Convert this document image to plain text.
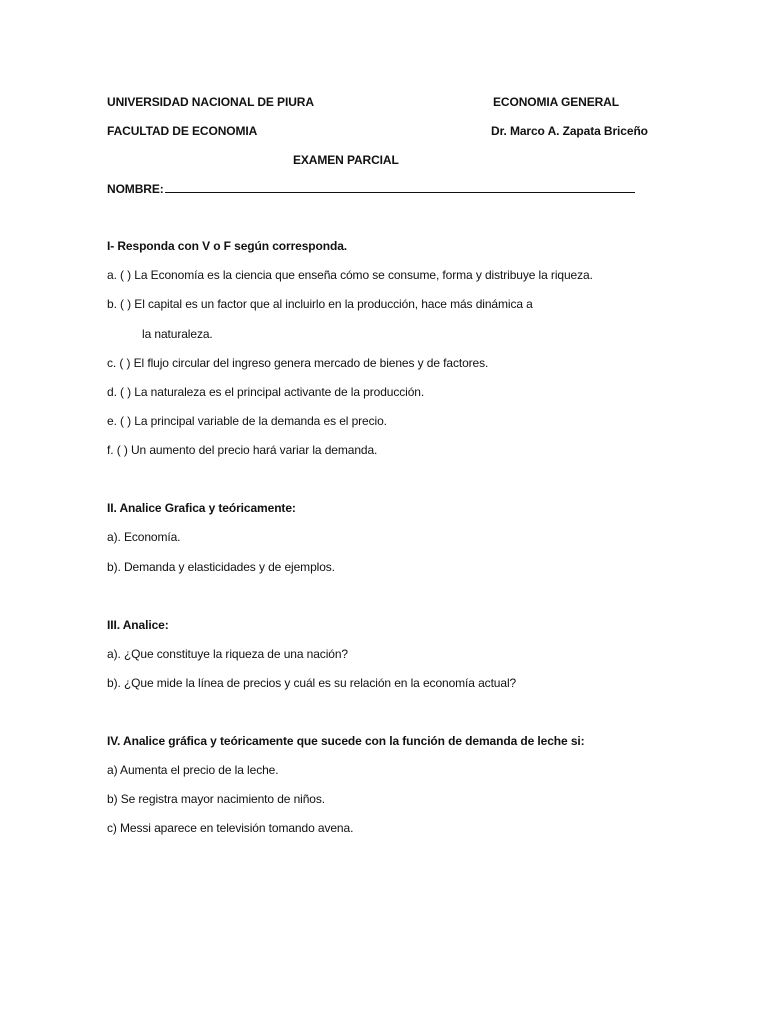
UNIVERSIDAD NACIONAL DE PIURA	ECONOMIA GENERAL
FACULTAD DE ECONOMIA	Dr. Marco A. Zapata Briceño
EXAMEN PARCIAL
NOMBRE:
I- Responda con V o F según corresponda.
a. ( ) La Economía es la ciencia que enseña cómo se consume, forma y distribuye la riqueza.
b. ( ) El capital es un factor que al incluirlo en la producción, hace más dinámica a
la naturaleza.
c. ( ) El flujo circular del ingreso genera mercado de bienes y de factores.
d. ( ) La naturaleza es el principal activante de la producción.
e. ( ) La principal variable de la demanda es el precio.
f. ( ) Un aumento del precio hará variar la demanda.
II. Analice Grafica y teóricamente:
a). Economía.
b). Demanda y elasticidades y de ejemplos.
III. Analice:
a). ¿Que constituye la riqueza de una nación?
b). ¿Que mide la línea de precios y cuál es su relación en la economía actual?
IV. Analice gráfica y teóricamente que sucede con la función de demanda de leche si:
a) Aumenta el precio de la leche.
b) Se registra mayor nacimiento de niños.
c) Messi aparece en televisión tomando avena.
